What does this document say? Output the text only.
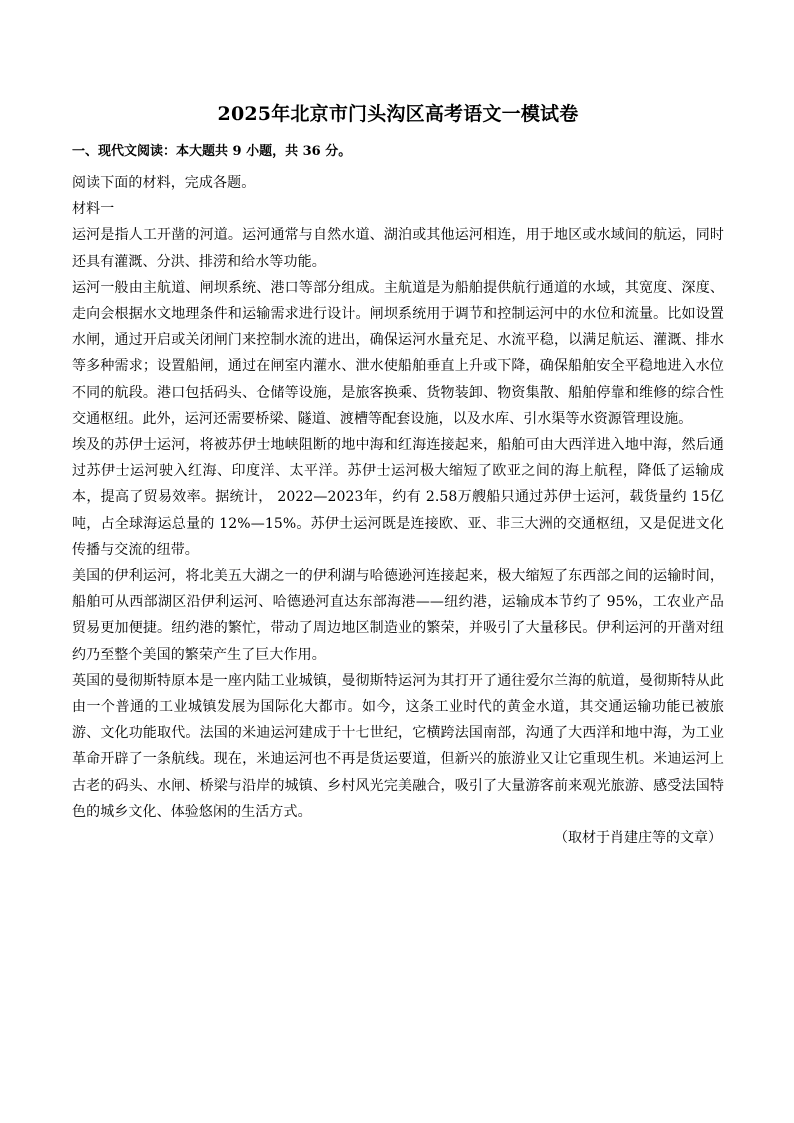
2025年北京市门头沟区高考语文一模试卷

一、现代文阅读：本大题共 9 小题，共 36 分。

阅读下面的材料，完成各题。

材料一

运河是指人工开凿的河道。运河通常与自然水道、湖泊或其他运河相连，用于地区或水域间的航运，同时还具有灌溉、分洪、排涝和给水等功能。

运河一般由主航道、闸坝系统、港口等部分组成。主航道是为船舶提供航行通道的水域，其宽度、深度、走向会根据水文地理条件和运输需求进行设计。闸坝系统用于调节和控制运河中的水位和流量。比如设置水闸，通过开启或关闭闸门来控制水流的进出，确保运河水量充足、水流平稳，以满足航运、灌溉、排水等多种需求；设置船闸，通过在闸室内灌水、泄水使船舶垂直上升或下降，确保船舶安全平稳地进入水位不同的航段。港口包括码头、仓储等设施，是旅客换乘、货物装卸、物资集散、船舶停靠和维修的综合性交通枢纽。此外，运河还需要桥梁、隧道、渡槽等配套设施，以及水库、引水渠等水资源管理设施。

埃及的苏伊士运河，将被苏伊士地峡阻断的地中海和红海连接起来，船舶可由大西洋进入地中海，然后通过苏伊士运河驶入红海、印度洋、太平洋。苏伊士运河极大缩短了欧亚之间的海上航程，降低了运输成本，提高了贸易效率。据统计， 2022—2023年，约有 2.58万艘船只通过苏伊士运河，载货量约 15亿吨，占全球海运总量的 12%—15%。苏伊士运河既是连接欧、亚、非三大洲的交通枢纽，又是促进文化传播与交流的纽带。

美国的伊利运河，将北美五大湖之一的伊利湖与哈德逊河连接起来，极大缩短了东西部之间的运输时间，船舶可从西部湖区沿伊利运河、哈德逊河直达东部海港——纽约港，运输成本节约了 95%，工农业产品贸易更加便捷。纽约港的繁忙，带动了周边地区制造业的繁荣，并吸引了大量移民。伊利运河的开凿对纽约乃至整个美国的繁荣产生了巨大作用。

英国的曼彻斯特原本是一座内陆工业城镇，曼彻斯特运河为其打开了通往爱尔兰海的航道，曼彻斯特从此由一个普通的工业城镇发展为国际化大都市。如今，这条工业时代的黄金水道，其交通运输功能已被旅游、文化功能取代。法国的米迪运河建成于十七世纪，它横跨法国南部，沟通了大西洋和地中海，为工业革命开辟了一条航线。现在，米迪运河也不再是货运要道，但新兴的旅游业又让它重现生机。米迪运河上古老的码头、水闸、桥梁与沿岸的城镇、乡村风光完美融合，吸引了大量游客前来观光旅游、感受法国特色的城乡文化、体验悠闲的生活方式。

（取材于肖建庄等的文章）
